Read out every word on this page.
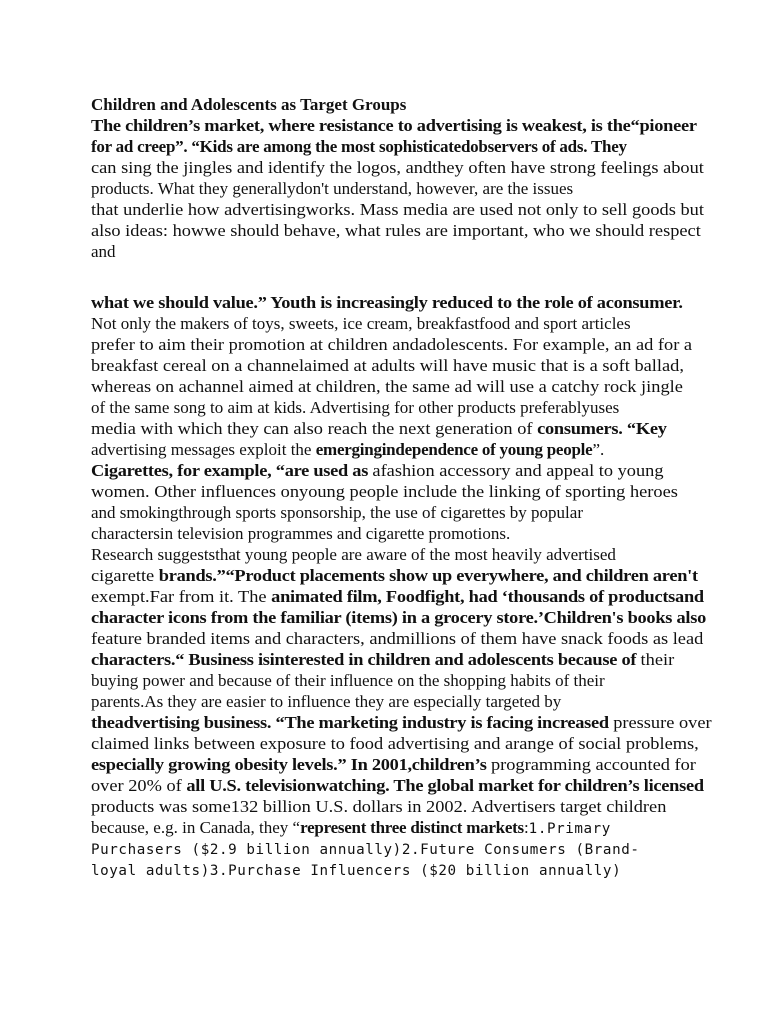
Children and Adolescents as Target Groups
The children’s market, where resistance to advertising is weakest, is the“pioneer
for ad creep”. “Kids are among the most sophisticatedobservers of ads. They
can sing the jingles and identify the logos, andthey often have strong feelings about
products. What they generallydon't understand, however, are the issues
that underlie how advertisingworks. Mass media are used not only to sell goods but
also ideas: howwe should behave, what rules are important, who we should respect
and
what we should value.” Youth is increasingly reduced to the role of aconsumer.
Not only the makers of toys, sweets, ice cream, breakfastfood and sport articles
prefer to aim their promotion at children andadolescents. For example, an ad for a
breakfast cereal on a channelaimed at adults will have music that is a soft ballad,
whereas on achannel aimed at children, the same ad will use a catchy rock jingle
of the same song to aim at kids. Advertising for other products preferablyuses
media with which they can also reach the next generation of consumers. “Key
advertising messages exploit the emergingindependence of young people”.
Cigarettes, for example, “are used as afashion accessory and appeal to young
women. Other influences onyoung people include the linking of sporting heroes
and smokingthrough sports sponsorship, the use of cigarettes by popular
charactersin television programmes and cigarette promotions.
Research suggeststhat young people are aware of the most heavily advertised
cigarette brands.”“Product placements show up everywhere, and children aren't
exempt.Far from it. The animated film, Foodfight, had ‘thousands of productsand
character icons from the familiar (items) in a grocery store.’Children's books also
feature branded items and characters, andmillions of them have snack foods as lead
characters.“ Business isinterested in children and adolescents because of their
buying power and because of their influence on the shopping habits of their
parents.As they are easier to influence they are especially targeted by
theadvertising business. “The marketing industry is facing increased pressure over
claimed links between exposure to food advertising and arange of social problems,
especially growing obesity levels.” In 2001,children’s programming accounted for
over 20% of all U.S. televisionwatching. The global market for children’s licensed
products was some132 billion U.S. dollars in 2002. Advertisers target children
because, e.g. in Canada, they “represent three distinct markets:1.Primary
Purchasers ($2.9 billion annually)2.Future Consumers (Brand-
loyal adults)3.Purchase Influencers ($20 billion annually)
